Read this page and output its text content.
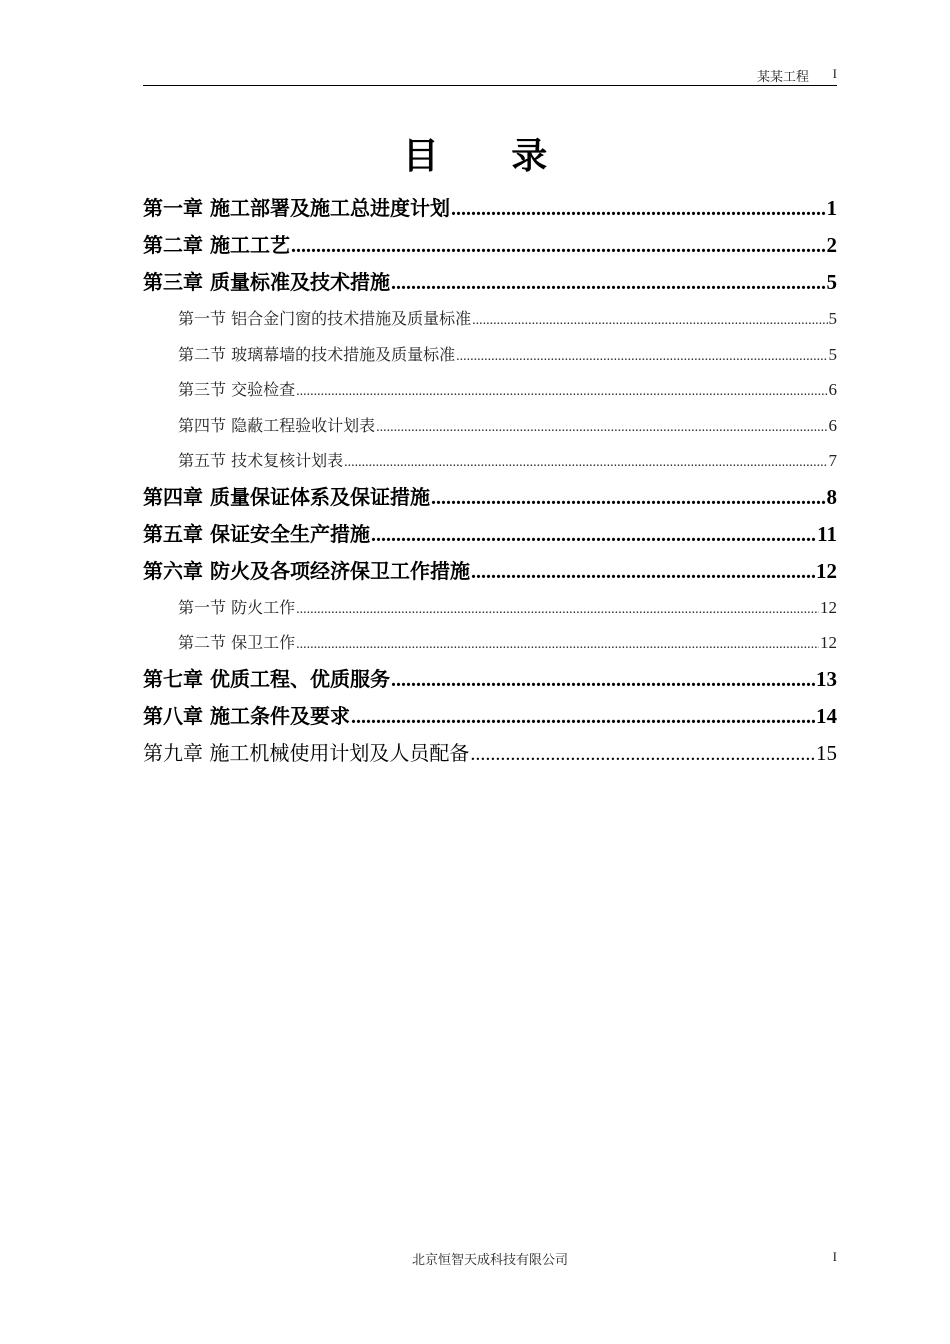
某某工程 I
目 录
第一章 施工部署及施工总进度计划 .....	1
第二章 施工工艺 .....	2
第三章 质量标准及技术措施 .....	5
第一节 铝合金门窗的技术措施及质量标准 .....	5
第二节 玻璃幕墙的技术措施及质量标准 .....	5
第三节 交验检查 .....	6
第四节 隐蔽工程验收计划表 .....	6
第五节 技术复核计划表 .....	7
第四章 质量保证体系及保证措施 .....	8
第五章 保证安全生产措施 .....	11
第六章 防火及各项经济保卫工作措施 .....	12
第一节 防火工作 .....	12
第二节 保卫工作 .....	12
第七章 优质工程、优质服务 .....	13
第八章 施工条件及要求 .....	14
第九章 施工机械使用计划及人员配备 .....	15
北京恒智天成科技有限公司	I
